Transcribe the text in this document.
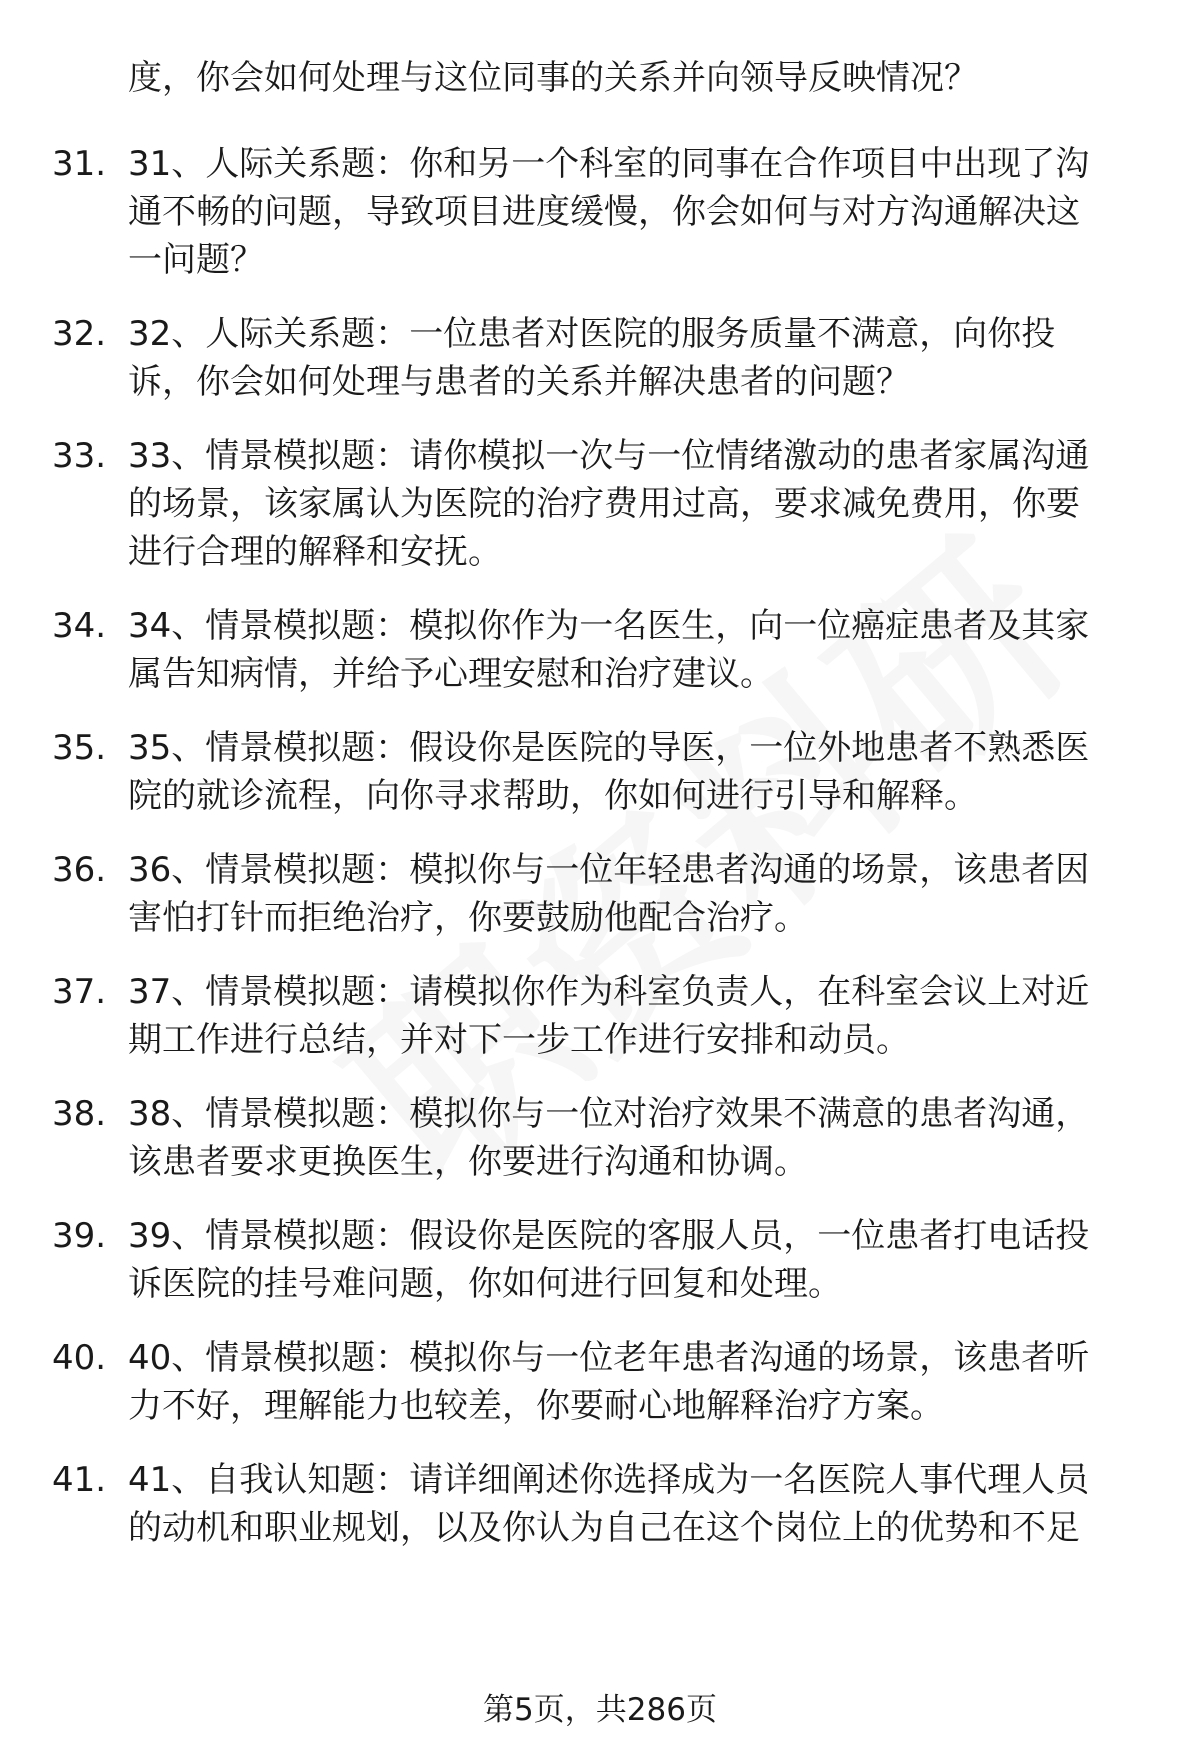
度，你会如何处理与这位同事的关系并向领导反映情况？
31. 31、人际关系题：你和另一个科室的同事在合作项目中出现了沟
通不畅的问题，导致项目进度缓慢，你会如何与对方沟通解决这
一问题？
32. 32、人际关系题：一位患者对医院的服务质量不满意，向你投
诉，你会如何处理与患者的关系并解决患者的问题？
33. 33、情景模拟题：请你模拟一次与一位情绪激动的患者家属沟通
的场景，该家属认为医院的治疗费用过高，要求减免费用，你要
进行合理的解释和安抚。
34. 34、情景模拟题：模拟你作为一名医生，向一位癌症患者及其家
属告知病情，并给予心理安慰和治疗建议。
35. 35、情景模拟题：假设你是医院的导医，一位外地患者不熟悉医
院的就诊流程，向你寻求帮助，你如何进行引导和解释。
36. 36、情景模拟题：模拟你与一位年轻患者沟通的场景，该患者因
害怕打针而拒绝治疗，你要鼓励他配合治疗。
37. 37、情景模拟题：请模拟你作为科室负责人，在科室会议上对近
期工作进行总结，并对下一步工作进行安排和动员。
38. 38、情景模拟题：模拟你与一位对治疗效果不满意的患者沟通，
该患者要求更换医生，你要进行沟通和协调。
39. 39、情景模拟题：假设你是医院的客服人员，一位患者打电话投
诉医院的挂号难问题，你如何进行回复和处理。
40. 40、情景模拟题：模拟你与一位老年患者沟通的场景，该患者听
力不好，理解能力也较差，你要耐心地解释治疗方案。
41. 41、自我认知题：请详细阐述你选择成为一名医院人事代理人员
的动机和职业规划，以及你认为自己在这个岗位上的优势和不足
第5页，共286页
